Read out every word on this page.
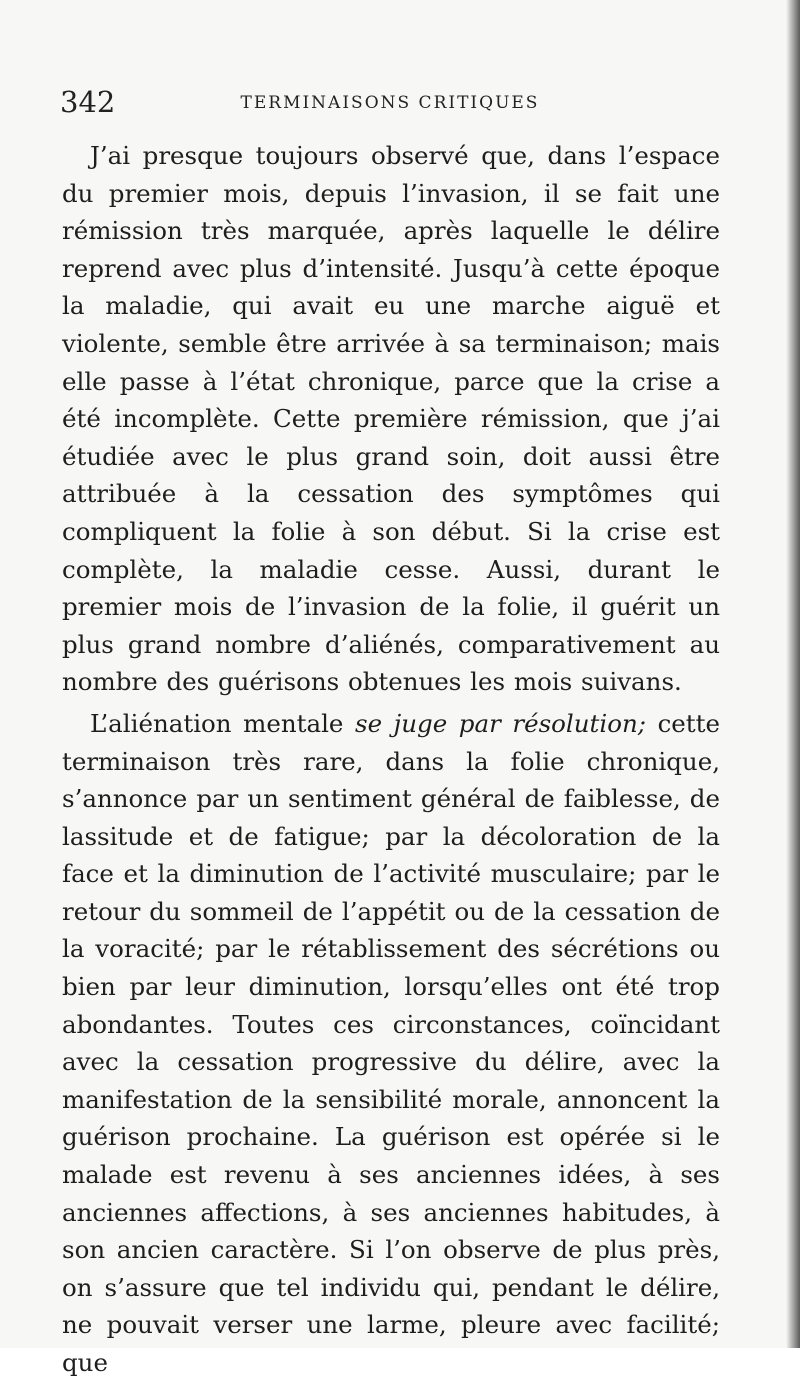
342	TERMINAISONS CRITIQUES

J’ai presque toujours observé que, dans l’espace du premier mois, depuis l’invasion, il se fait une rémission très marquée, après laquelle le délire reprend avec plus d’intensité. Jusqu’à cette époque la maladie, qui avait eu une marche aiguë et violente, semble être arrivée à sa terminaison; mais elle passe à l’état chronique, parce que la crise a été incomplète. Cette première rémission, que j’ai étudiée avec le plus grand soin, doit aussi être attribuée à la cessation des symptômes qui compliquent la folie à son début. Si la crise est complète, la maladie cesse. Aussi, durant le premier mois de l’invasion de la folie, il guérit un plus grand nombre d’aliénés, comparativement au nombre des guérisons obtenues les mois suivans.

L’aliénation mentale se juge par résolution; cette terminaison très rare, dans la folie chronique, s’annonce par un sentiment général de faiblesse, de lassitude et de fatigue; par la décoloration de la face et la diminution de l’activité musculaire; par le retour du sommeil de l’appétit ou de la cessation de la voracité; par le rétablissement des sécrétions ou bien par leur diminution, lorsqu’elles ont été trop abondantes. Toutes ces circonstances, coïncidant avec la cessation progressive du délire, avec la manifestation de la sensibilité morale, annoncent la guérison prochaine. La guérison est opérée si le malade est revenu à ses anciennes idées, à ses anciennes affections, à ses anciennes habitudes, à son ancien caractère. Si l’on observe de plus près, on s’assure que tel individu qui, pendant le délire, ne pouvait verser une larme, pleure avec facilité; que
